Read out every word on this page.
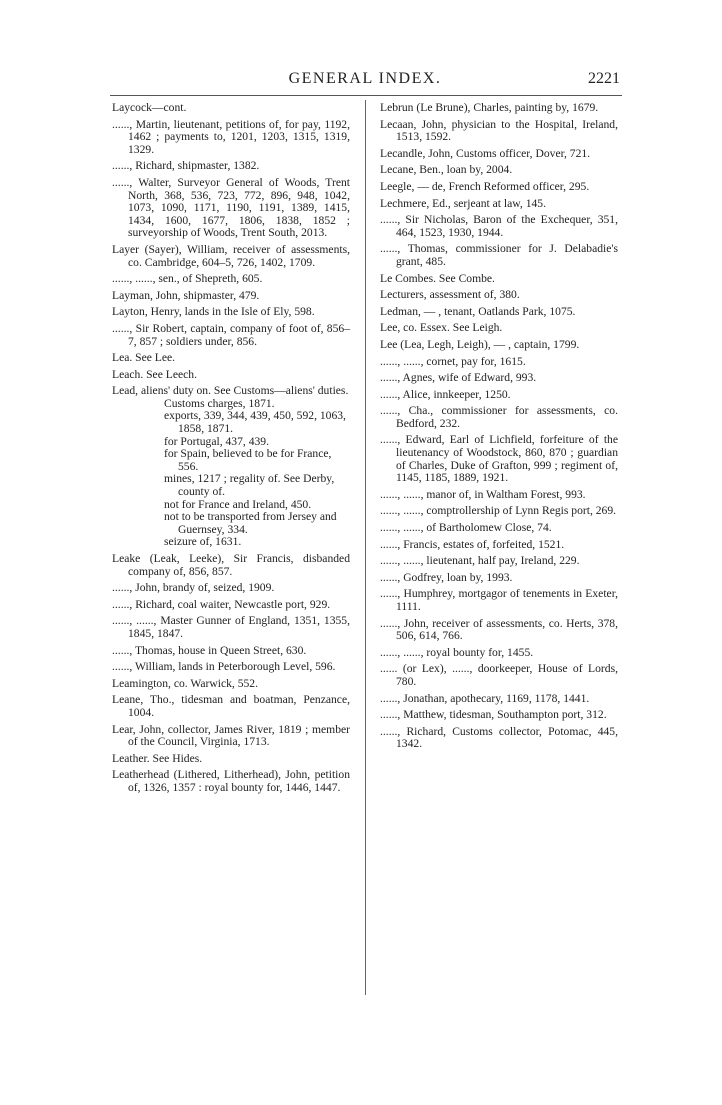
GENERAL INDEX.	2221
Laycock—cont.
......, Martin, lieutenant, petitions of, for pay, 1192, 1462 ; payments to, 1201, 1203, 1315, 1319, 1329.
......, Richard, shipmaster, 1382.
......, Walter, Surveyor General of Woods, Trent North, 368, 536, 723, 772, 896, 948, 1042, 1073, 1090, 1171, 1190, 1191, 1389, 1415, 1434, 1600, 1677, 1806, 1838, 1852 ; surveyorship of Woods, Trent South, 2013.
Layer (Sayer), William, receiver of assessments, co. Cambridge, 604–5, 726, 1402, 1709.
......, ......, sen., of Shepreth, 605.
Layman, John, shipmaster, 479.
Layton, Henry, lands in the Isle of Ely, 598.
......, Sir Robert, captain, company of foot of, 856–7, 857 ; soldiers under, 856.
Lea. See Lee.
Leach. See Leech.
Lead, aliens' duty on. See Customs—aliens' duties.
Customs charges, 1871.
exports, 339, 344, 439, 450, 592, 1063, 1858, 1871.
for Portugal, 437, 439.
for Spain, believed to be for France, 556.
mines, 1217 ; regality of. See Derby, county of.
not for France and Ireland, 450.
not to be transported from Jersey and Guernsey, 334.
seizure of, 1631.
Leake (Leak, Leeke), Sir Francis, disbanded company of, 856, 857.
......, John, brandy of, seized, 1909.
......, Richard, coal waiter, Newcastle port, 929.
......, ......, Master Gunner of England, 1351, 1355, 1845, 1847.
......, Thomas, house in Queen Street, 630.
......, William, lands in Peterborough Level, 596.
Leamington, co. Warwick, 552.
Leane, Tho., tidesman and boatman, Penzance, 1004.
Lear, John, collector, James River, 1819 ; member of the Council, Virginia, 1713.
Leather. See Hides.
Leatherhead (Lithered, Litherhead), John, petition of, 1326, 1357 : royal bounty for, 1446, 1447.
Lebrun (Le Brune), Charles, painting by, 1679.
Lecaan, John, physician to the Hospital, Ireland, 1513, 1592.
Lecandle, John, Customs officer, Dover, 721.
Lecane, Ben., loan by, 2004.
Leegle, — de, French Reformed officer, 295.
Lechmere, Ed., serjeant at law, 145.
......, Sir Nicholas, Baron of the Exchequer, 351, 464, 1523, 1930, 1944.
......, Thomas, commissioner for J. Delabadie's grant, 485.
Le Combes. See Combe.
Lecturers, assessment of, 380.
Ledman, — , tenant, Oatlands Park, 1075.
Lee, co. Essex. See Leigh.
Lee (Lea, Legh, Leigh), — , captain, 1799.
......, ......, cornet, pay for, 1615.
......, Agnes, wife of Edward, 993.
......, Alice, innkeeper, 1250.
......, Cha., commissioner for assessments, co. Bedford, 232.
......, Edward, Earl of Lichfield, forfeiture of the lieutenancy of Woodstock, 860, 870 ; guardian of Charles, Duke of Grafton, 999 ; regiment of, 1145, 1185, 1889, 1921.
......, ......, manor of, in Waltham Forest, 993.
......, ......, comptrollership of Lynn Regis port, 269.
......, ......, of Bartholomew Close, 74.
......, Francis, estates of, forfeited, 1521.
......, ......, lieutenant, half pay, Ireland, 229.
......, Godfrey, loan by, 1993.
......, Humphrey, mortgagor of tenements in Exeter, 1111.
......, John, receiver of assessments, co. Herts, 378, 506, 614, 766.
......, ......, royal bounty for, 1455.
...... (or Lex), ......, doorkeeper, House of Lords, 780.
......, Jonathan, apothecary, 1169, 1178, 1441.
......, Matthew, tidesman, Southampton port, 312.
......, Richard, Customs collector, Potomac, 445, 1342.
